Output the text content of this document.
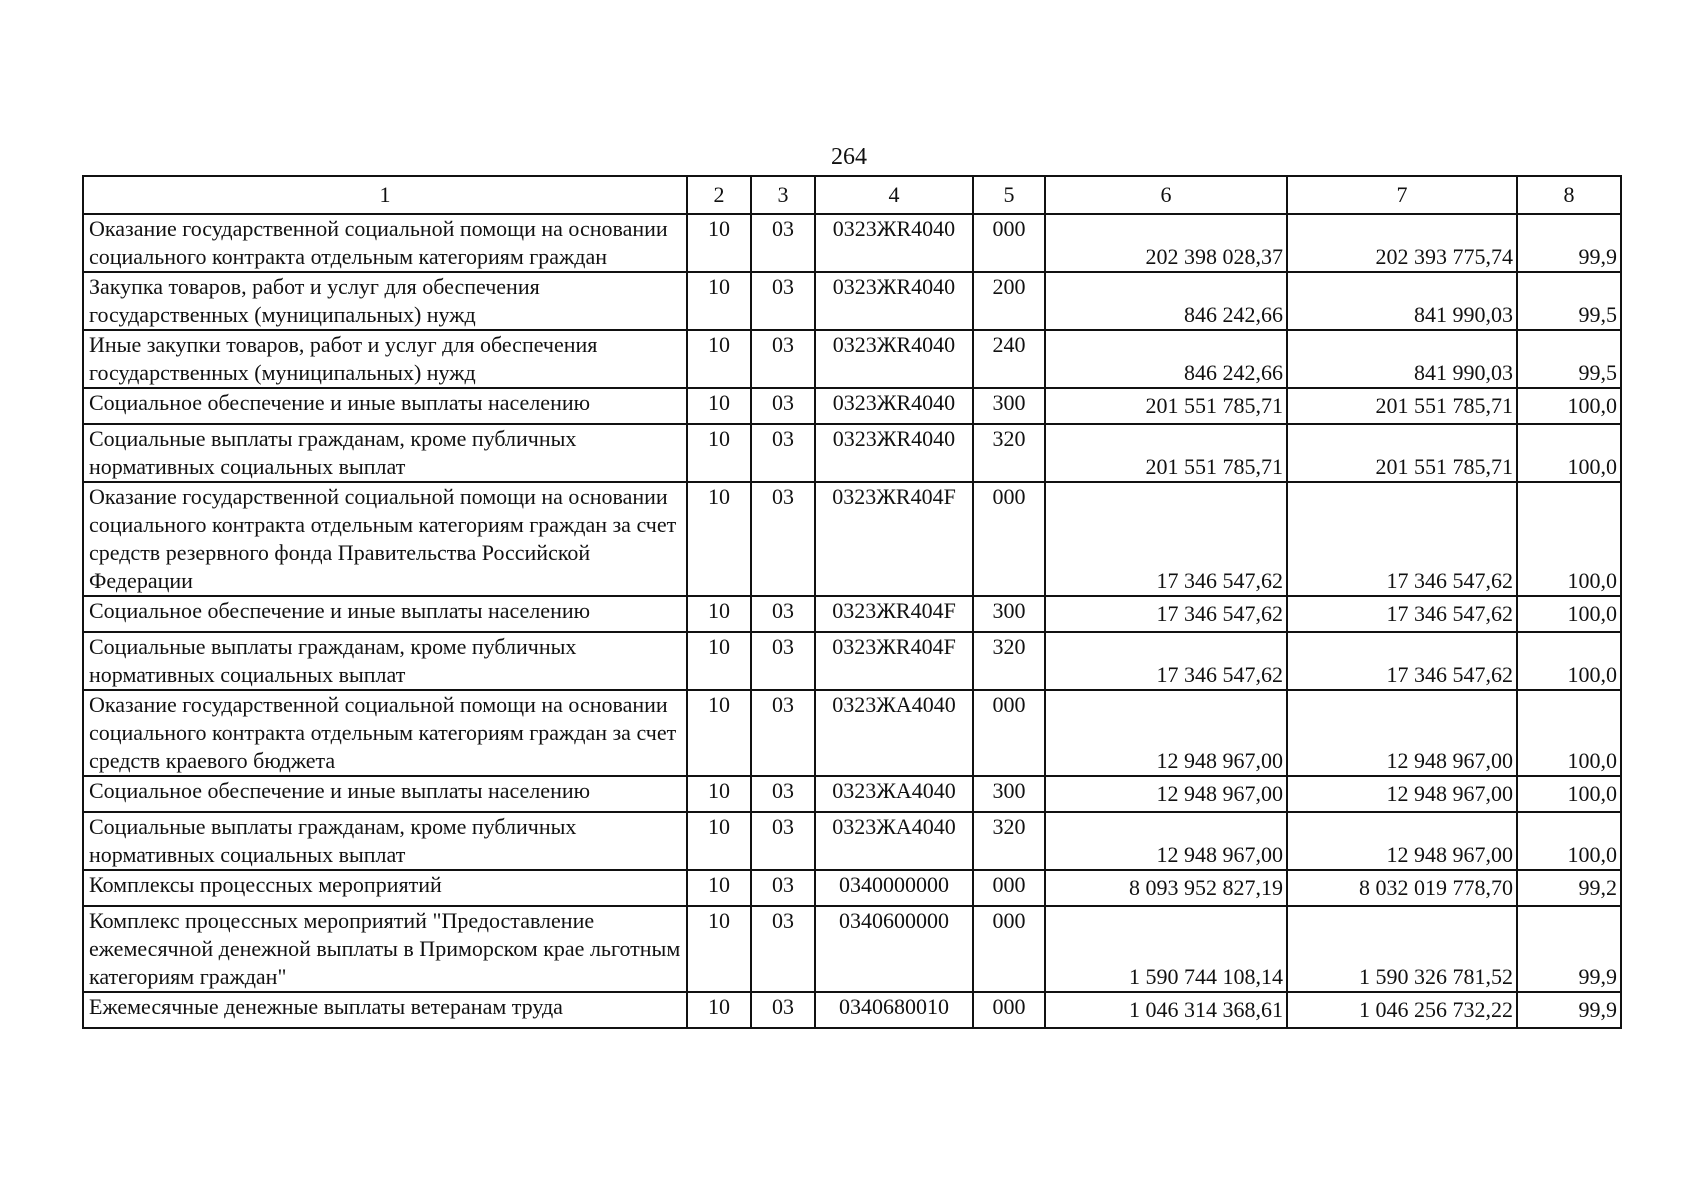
264
1	2	3	4	5	6	7	8
Оказание государственной социальной помощи на основании социального контракта отдельным категориям граждан	10	03	0323ЖR4040	000	202 398 028,37	202 393 775,74	99,9
Закупка товаров, работ и услуг для обеспечения государственных (муниципальных) нужд	10	03	0323ЖR4040	200	846 242,66	841 990,03	99,5
Иные закупки товаров, работ и услуг для обеспечения государственных (муниципальных) нужд	10	03	0323ЖR4040	240	846 242,66	841 990,03	99,5
Социальное обеспечение и иные выплаты населению	10	03	0323ЖR4040	300	201 551 785,71	201 551 785,71	100,0
Социальные выплаты гражданам, кроме публичных нормативных социальных выплат	10	03	0323ЖR4040	320	201 551 785,71	201 551 785,71	100,0
Оказание государственной социальной помощи на основании социального контракта отдельным категориям граждан за счет средств резервного фонда Правительства Российской Федерации	10	03	0323ЖR404F	000	17 346 547,62	17 346 547,62	100,0
Социальное обеспечение и иные выплаты населению	10	03	0323ЖR404F	300	17 346 547,62	17 346 547,62	100,0
Социальные выплаты гражданам, кроме публичных нормативных социальных выплат	10	03	0323ЖR404F	320	17 346 547,62	17 346 547,62	100,0
Оказание государственной социальной помощи на основании социального контракта отдельным категориям граждан за счет средств краевого бюджета	10	03	0323ЖА4040	000	12 948 967,00	12 948 967,00	100,0
Социальное обеспечение и иные выплаты населению	10	03	0323ЖА4040	300	12 948 967,00	12 948 967,00	100,0
Социальные выплаты гражданам, кроме публичных нормативных социальных выплат	10	03	0323ЖА4040	320	12 948 967,00	12 948 967,00	100,0
Комплексы процессных мероприятий	10	03	0340000000	000	8 093 952 827,19	8 032 019 778,70	99,2
Комплекс процессных мероприятий "Предоставление ежемесячной денежной выплаты в Приморском крае льготным категориям граждан"	10	03	0340600000	000	1 590 744 108,14	1 590 326 781,52	99,9
Ежемесячные денежные выплаты ветеранам труда	10	03	0340680010	000	1 046 314 368,61	1 046 256 732,22	99,9
